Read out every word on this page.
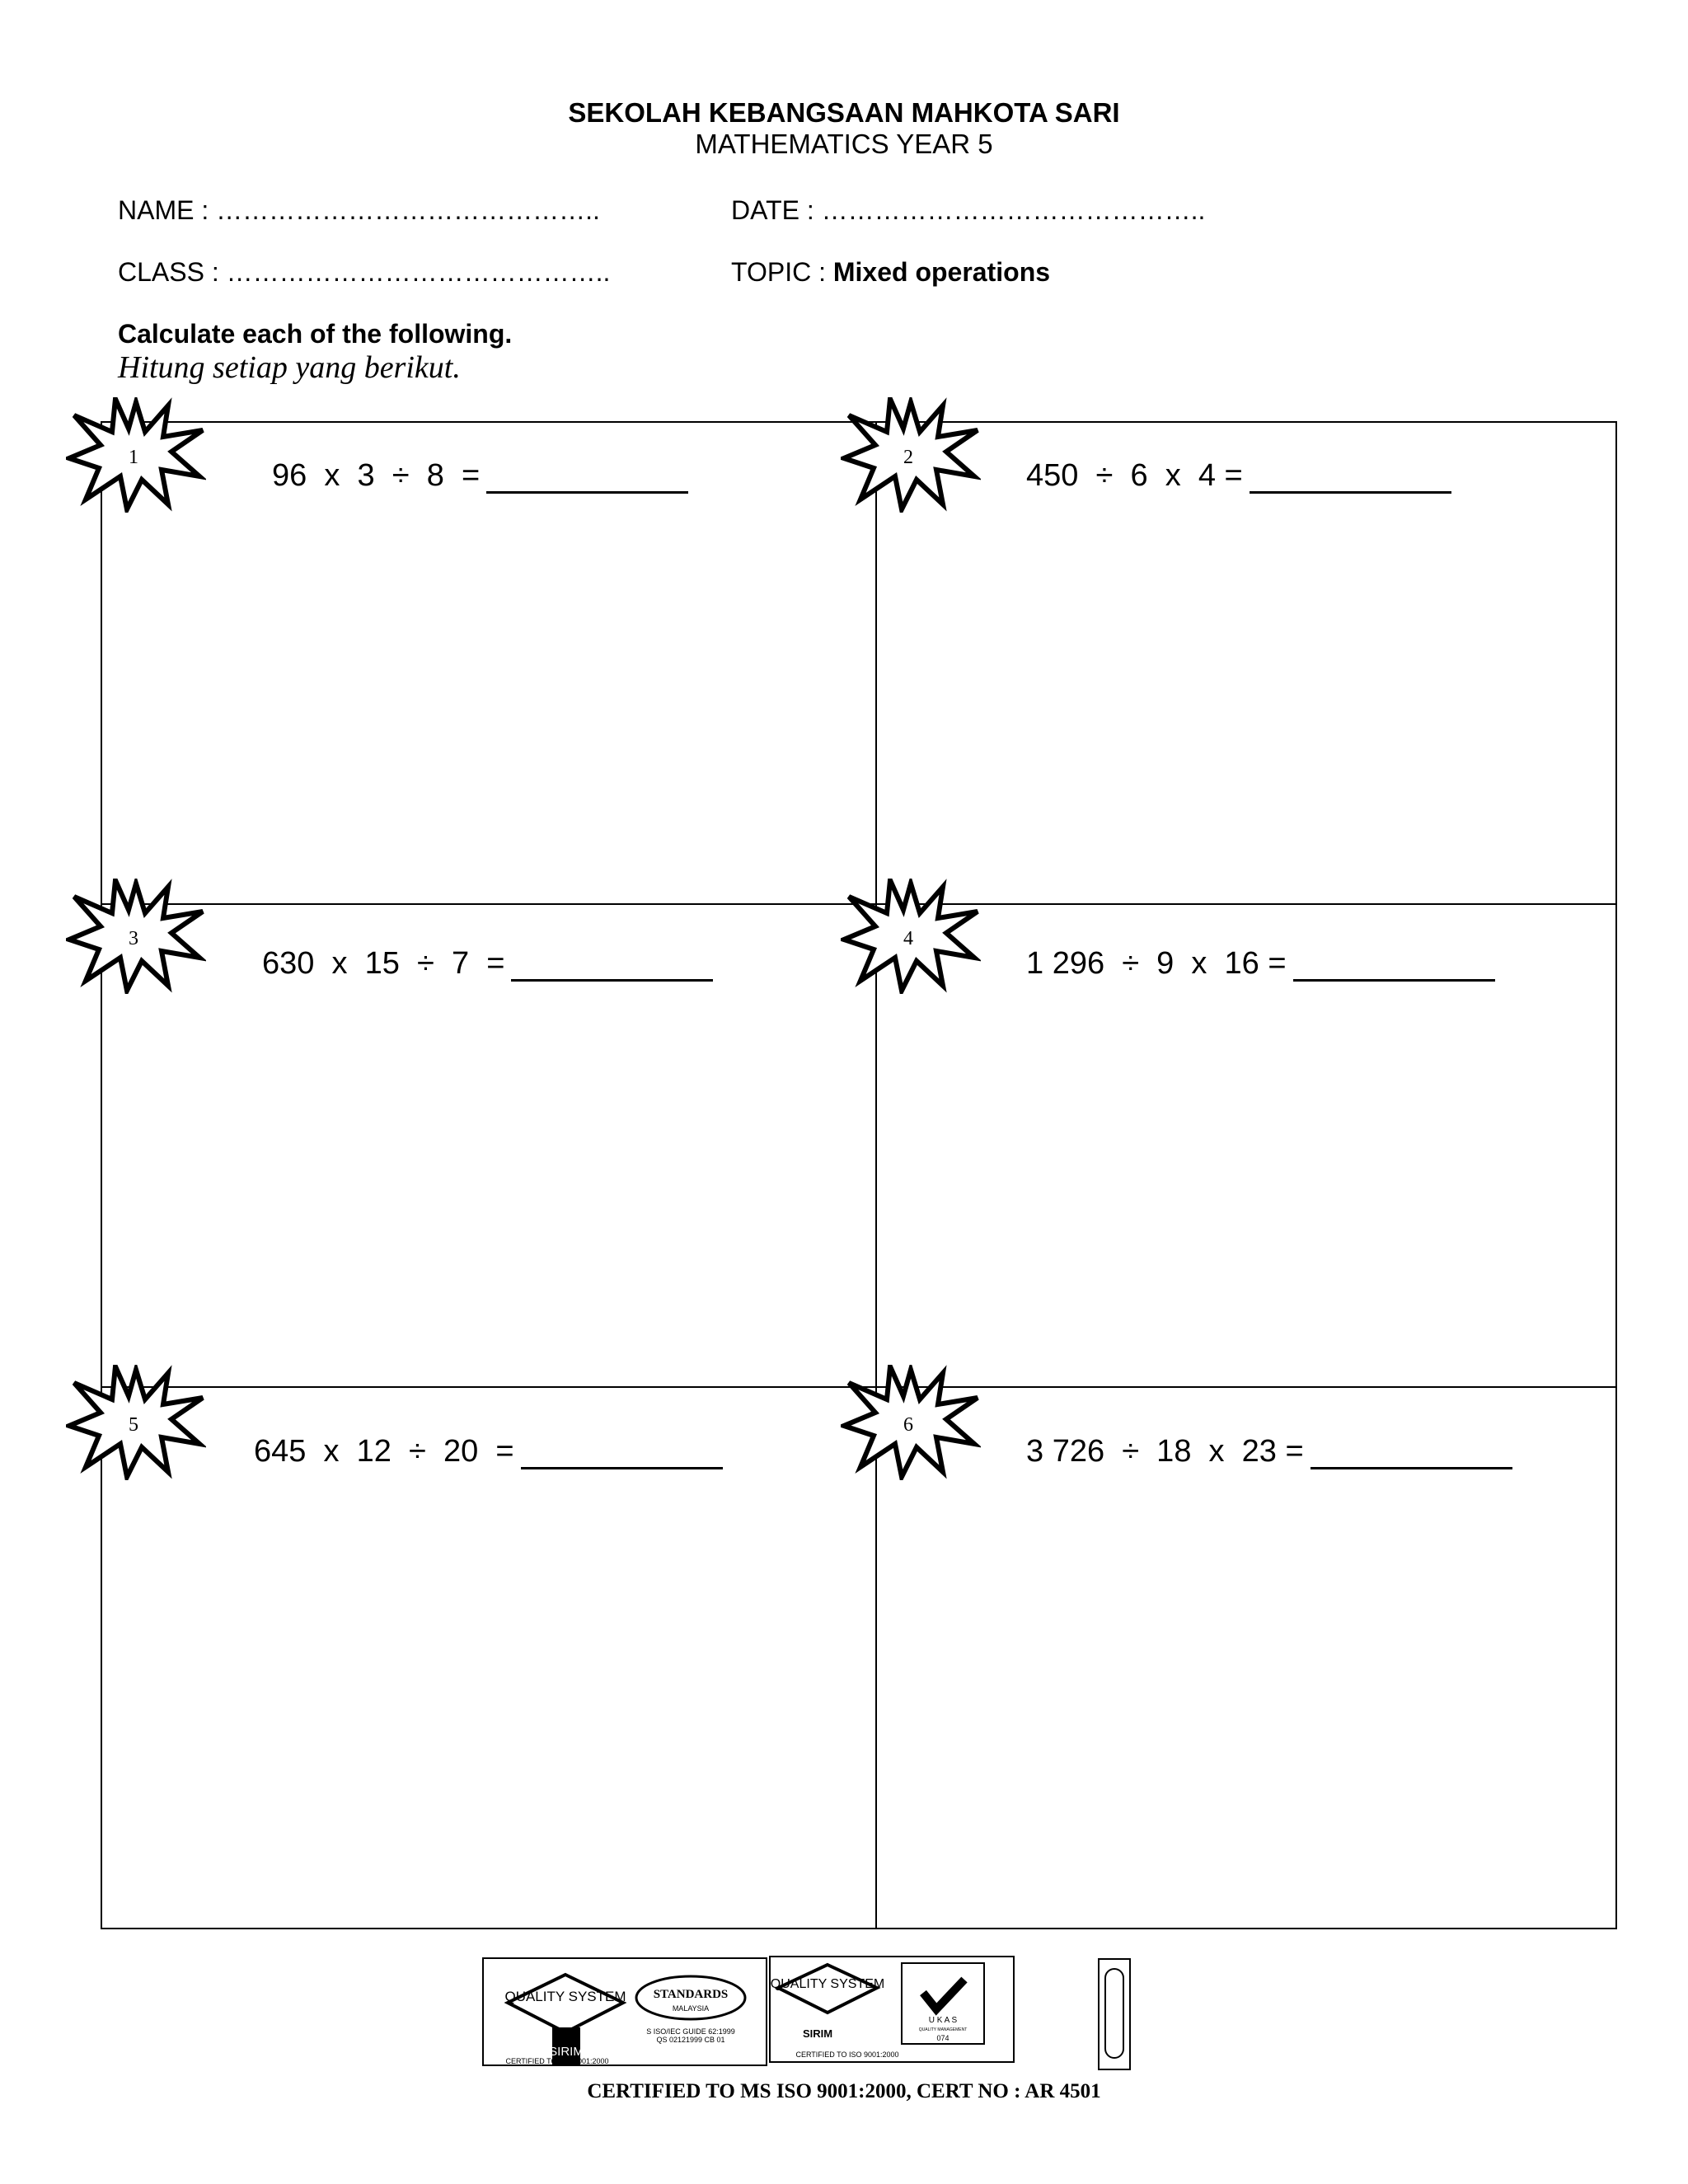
SEKOLAH KEBANGSAAN MAHKOTA SARI
MATHEMATICS YEAR 5
NAME : ……………………………………..	DATE : ……………………………………..
CLASS : ……………………………………..	TOPIC : Mixed operations
Calculate each of the following.
Hitung setiap yang berikut.
1
96  x  3  ÷  8  =
2
450  ÷  6  x  4 =
3
630  x  15  ÷  7  =
4
1 296  ÷  9  x  16 =
5
645  x  12  ÷  20  =
6
3 726  ÷  18  x  23 =
QUALITY SYSTEM
SIRIM
STANDARDS
MALAYSIA
S ISO/IEC GUIDE 62:1999
QS 02121999 CB 01
CERTIFIED TO ISO 9001:2000
QUALITY SYSTEM
SIRIM
CERTIFIED TO ISO 9001:2000
U K A S
QUALITY MANAGEMENT
074
CERTIFIED TO MS ISO 9001:2000, CERT NO : AR 4501
